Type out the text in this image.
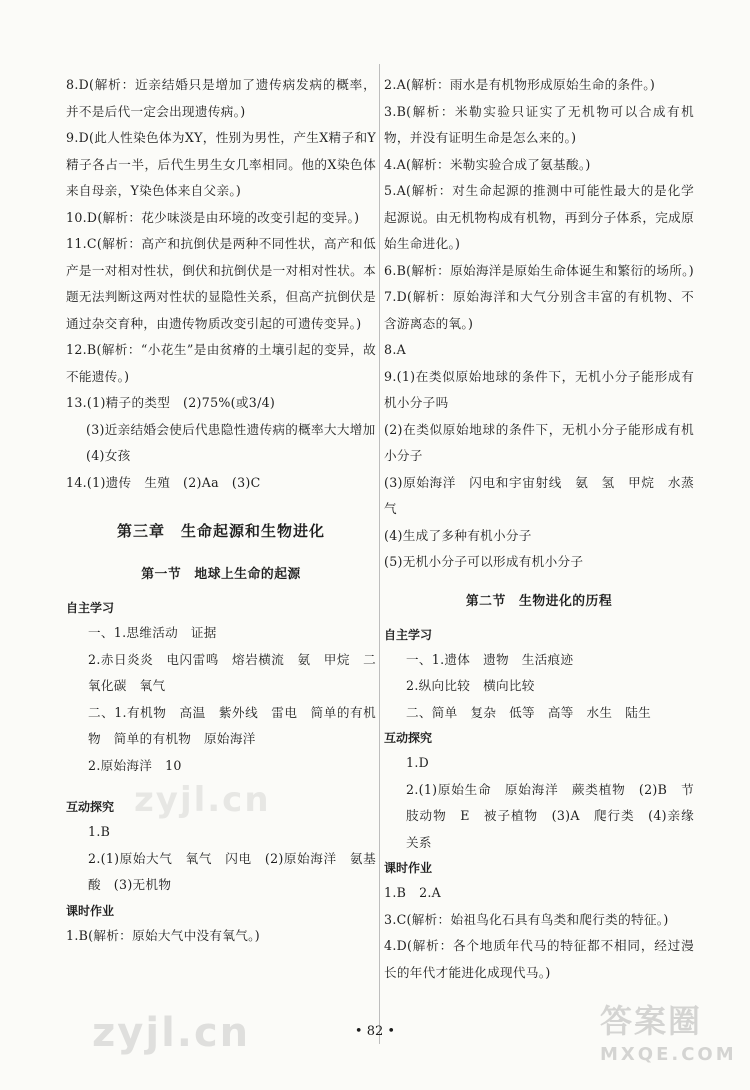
8.D(解析：近亲结婚只是增加了遗传病发病的概率，并不是后代一定会出现遗传病。)

9.D(此人性染色体为XY，性别为男性，产生X精子和Y精子各占一半，后代生男生女几率相同。他的X染色体来自母亲，Y染色体来自父亲。)

10.D(解析：花少味淡是由环境的改变引起的变异。)

11.C(解析：高产和抗倒伏是两种不同性状，高产和低产是一对相对性状，倒伏和抗倒伏是一对相对性状。本题无法判断这两对性状的显隐性关系，但高产抗倒伏是通过杂交育种，由遗传物质改变引起的可遗传变异。)

12.B(解析：“小花生”是由贫瘠的土壤引起的变异，故不能遗传。)

13.(1)精子的类型　(2)75%(或3/4)

(3)近亲结婚会使后代患隐性遗传病的概率大大增加

(4)女孩

14.(1)遗传　生殖　(2)Aa　(3)C

第三章　生命起源和生物进化
第一节　地球上生命的起源

自主学习

一、1.思维活动　证据

2.赤日炎炎　电闪雷鸣　熔岩横流　氨　甲烷　二氧化碳　氧气

二、1.有机物　高温　紫外线　雷电　简单的有机物　简单的有机物　原始海洋

2.原始海洋　10

互动探究

1.B

2.(1)原始大气　氧气　闪电　(2)原始海洋　氨基酸　(3)无机物

课时作业

1.B(解析：原始大气中没有氧气。)

2.A(解析：雨水是有机物形成原始生命的条件。)

3.B(解析：米勒实验只证实了无机物可以合成有机物，并没有证明生命是怎么来的。)

4.A(解析：米勒实验合成了氨基酸。)

5.A(解析：对生命起源的推测中可能性最大的是化学起源说。由无机物构成有机物，再到分子体系，完成原始生命进化。)

6.B(解析：原始海洋是原始生命体诞生和繁衍的场所。)

7.D(解析：原始海洋和大气分别含丰富的有机物、不含游离态的氧。)

8.A

9.(1)在类似原始地球的条件下，无机小分子能形成有机小分子吗

(2)在类似原始地球的条件下，无机小分子能形成有机小分子

(3)原始海洋　闪电和宇宙射线　氨　氢　甲烷　水蒸气

(4)生成了多种有机小分子

(5)无机小分子可以形成有机小分子

第二节　生物进化的历程

自主学习

一、1.遗体　遗物　生活痕迹

2.纵向比较　横向比较

二、简单　复杂　低等　高等　水生　陆生

互动探究

1.D

2.(1)原始生命　原始海洋　蕨类植物　(2)B　节肢动物　E　被子植物　(3)A　爬行类　(4)亲缘关系

课时作业

1.B　2.A

3.C(解析：始祖鸟化石具有鸟类和爬行类的特征。)

4.D(解析：各个地质年代马的特征都不相同，经过漫长的年代才能进化成现代马。)

zyjl.cn
zyjl.cn	• 82 •	答案圈
MXQE.COM
